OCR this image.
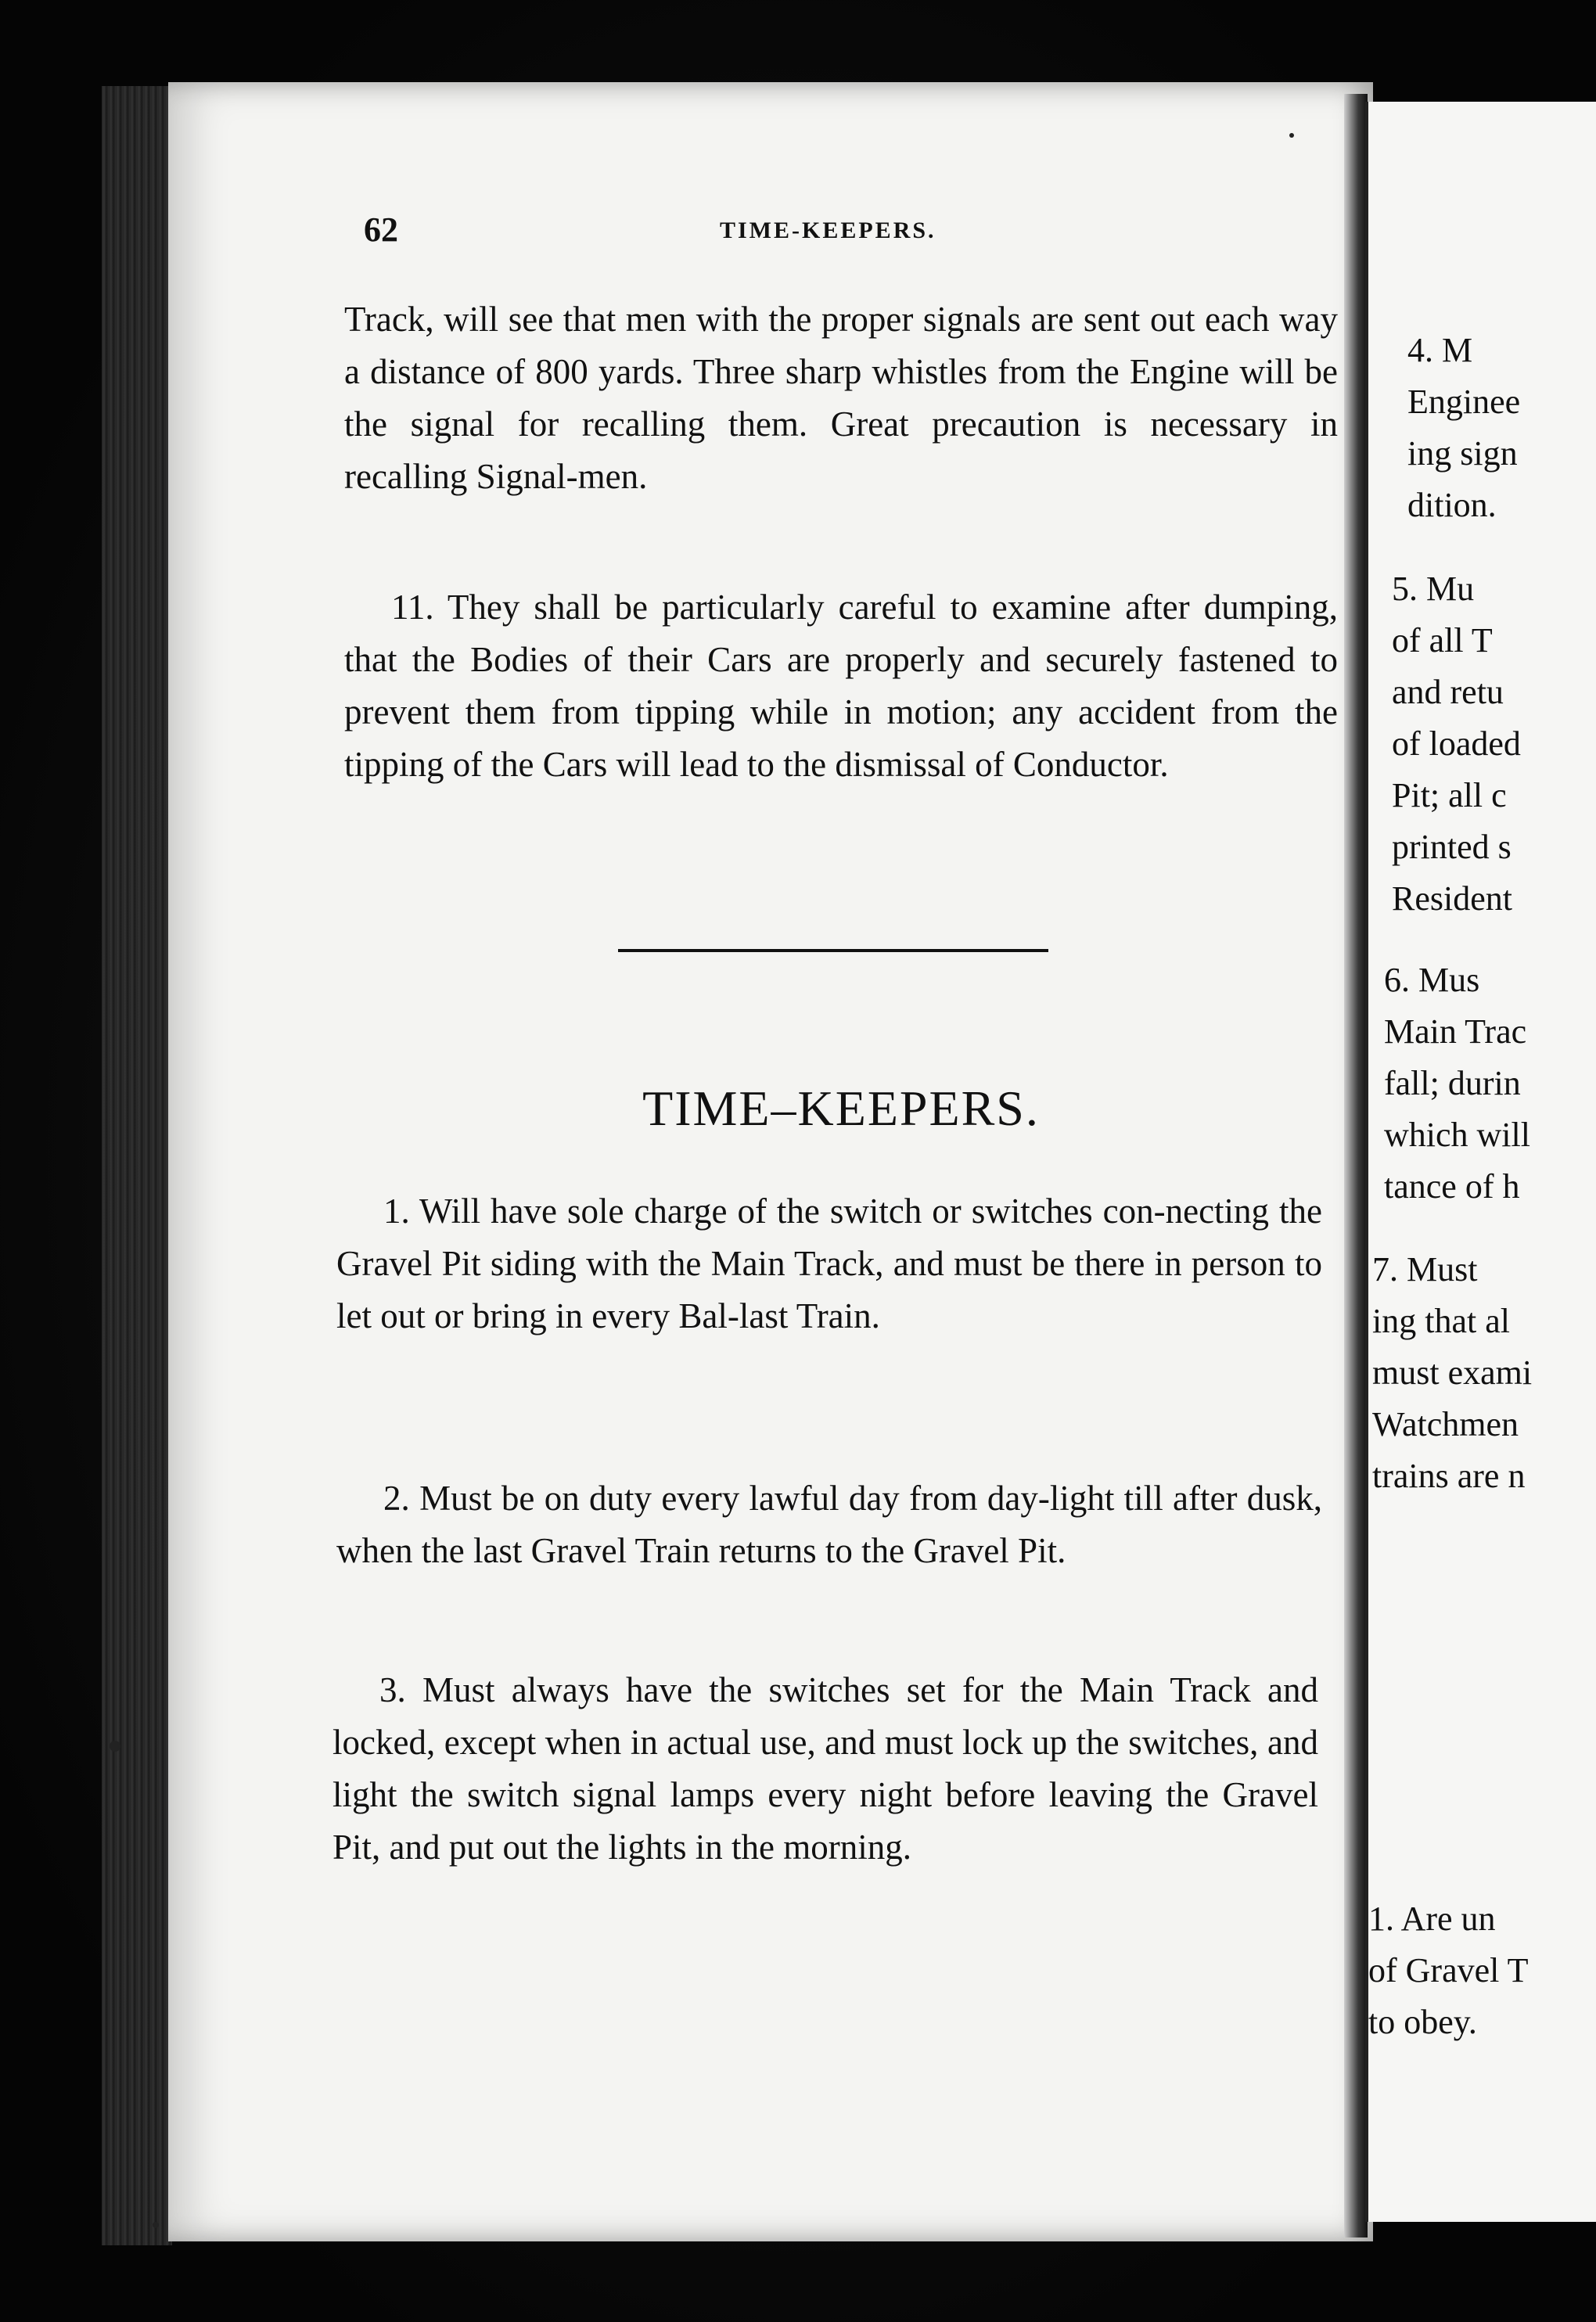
62	TIME-KEEPERS.

Track, will see that men with the proper signals are sent out each way a distance of 800 yards. Three sharp whistles from the Engine will be the signal for recalling them. Great precaution is necessary in recalling Signal-men.

11. They shall be particularly careful to examine after dumping, that the Bodies of their Cars are properly and securely fastened to prevent them from tipping while in motion; any accident from the tipping of the Cars will lead to the dismissal of Conductor.

TIME–KEEPERS.

1. Will have sole charge of the switch or switches con-necting the Gravel Pit siding with the Main Track, and must be there in person to let out or bring in every Bal-last Train.

2. Must be on duty every lawful day from day-light till after dusk, when the last Gravel Train returns to the Gravel Pit.

3. Must always have the switches set for the Main Track and locked, except when in actual use, and must lock up the switches, and light the switch signal lamps every night before leaving the Gravel Pit, and put out the lights in the morning.

4. M
Enginee
ing sign
dition.
5. Mu
of all T
and retu
of loaded
Pit; all c
printed s
Resident
6. Mus
Main Trac
fall; durin
which will
tance of h
7. Must
ing that al
must exami
Watchmen
trains are n
1. Are un
of Gravel T
to obey.
